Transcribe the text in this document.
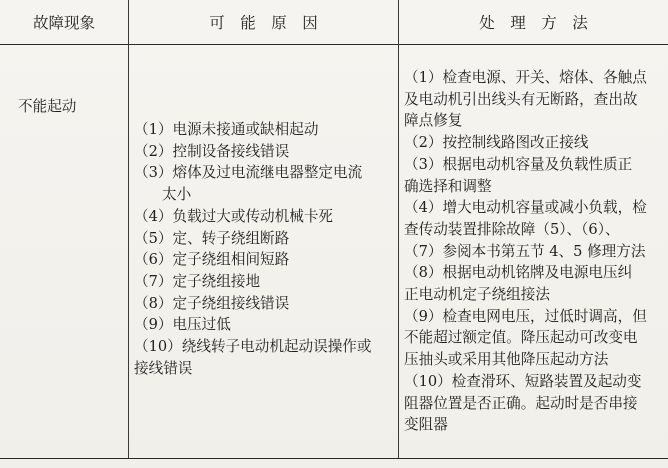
故障现象	可　能　原　因	处　理　方　法
不能起动
（1）电源未接通或缺相起动
（2）控制设备接线错误
（3）熔体及过电流继电器整定电流
太小
（4）负载过大或传动机械卡死
（5）定、转子绕组断路
（6）定子绕组相间短路
（7）定子绕组接地
（8）定子绕组接线错误
（9）电压过低
（10）绕线转子电动机起动误操作或
接线错误
（1）检查电源、开关、熔体、各触点
及电动机引出线头有无断路，查出故
障点修复
（2）按控制线路图改正接线
（3）根据电动机容量及负载性质正
确选择和调整
（4）增大电动机容量或减小负载，检
查传动装置排除故障（5）、（6）、
（7）参阅本书第五节 4、5 修理方法
（8）根据电动机铭牌及电源电压纠
正电动机定子绕组接法
（9）检查电网电压，过低时调高，但
不能超过额定值。降压起动可改变电
压抽头或采用其他降压起动方法
（10）检查滑环、短路装置及起动变
阻器位置是否正确。起动时是否串接
变阻器
